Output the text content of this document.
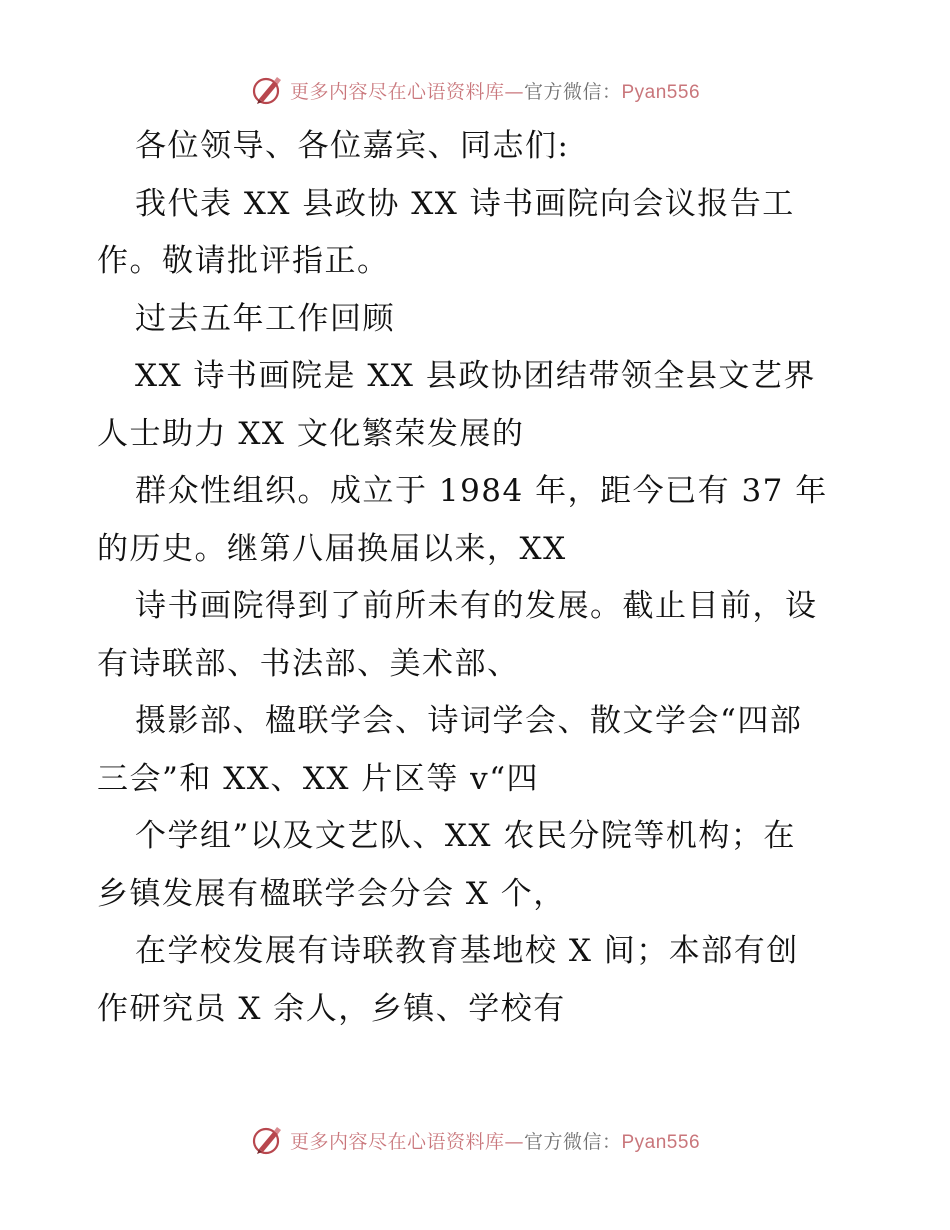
更多内容尽在心语资料库—官方微信：Pyan556
各位领导、各位嘉宾、同志们:
我代表 XX 县政协 XX 诗书画院向会议报告工
作。敬请批评指正。
过去五年工作回顾
XX 诗书画院是 XX 县政协团结带领全县文艺界
人士助力 XX 文化繁荣发展的
群众性组织。成立于 1984 年，距今已有 37 年
的历史。继第八届换届以来，XX
诗书画院得到了前所未有的发展。截止目前，设
有诗联部、书法部、美术部、
摄影部、楹联学会、诗词学会、散文学会“四部
三会”和 XX、XX 片区等 v“四
个学组”以及文艺队、XX 农民分院等机构；在
乡镇发展有楹联学会分会 X 个，
在学校发展有诗联教育基地校 X 间；本部有创
作研究员 X 余人，乡镇、学校有
更多内容尽在心语资料库—官方微信：Pyan556
